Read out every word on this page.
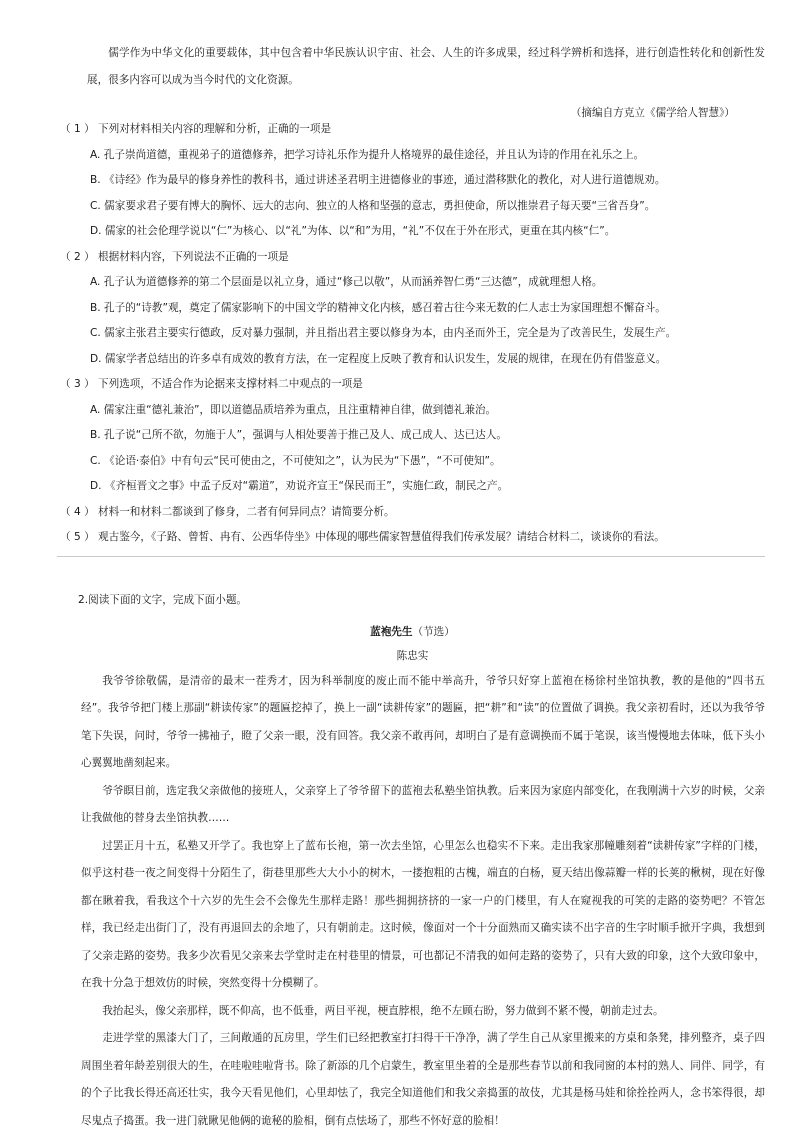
儒学作为中华文化的重要载体，其中包含着中华民族认识宇宙、社会、人生的许多成果，经过科学辨析和选择，进行创造性转化和创新性发展，很多内容可以成为当今时代的文化资源。

（摘编自方克立《儒学给人智慧》）

（ 1 ） 下列对材料相关内容的理解和分析，正确的一项是

A. 孔子崇尚道德，重视弟子的道德修养，把学习诗礼乐作为提升人格境界的最佳途径，并且认为诗的作用在礼乐之上。

B. 《诗经》作为最早的修身养性的教科书，通过讲述圣君明主进德修业的事迹，通过潜移默化的教化，对人进行道德规劝。

C. 儒家要求君子要有博大的胸怀、远大的志向、独立的人格和坚强的意志，勇担使命，所以推崇君子每天要“三省吾身”。

D. 儒家的社会伦理学说以“仁”为核心、以“礼”为体、以“和”为用，“礼”不仅在于外在形式，更重在其内核“仁”。

（ 2 ） 根据材料内容，下列说法不正确的一项是

A. 孔子认为道德修养的第二个层面是以礼立身，通过“修己以敬”，从而涵养智仁勇“三达德”，成就理想人格。

B. 孔子的“诗教”观，奠定了儒家影响下的中国文学的精神文化内核，感召着古往今来无数的仁人志士为家国理想不懈奋斗。

C. 儒家主张君主要实行德政，反对暴力强制，并且指出君主要以修身为本，由内圣而外王，完全是为了改善民生，发展生产。

D. 儒家学者总结出的许多卓有成效的教育方法，在一定程度上反映了教育和认识发生，发展的规律，在现在仍有借鉴意义。

（ 3 ） 下列选项，不适合作为论据来支撑材料二中观点的一项是

A. 儒家注重“德礼兼治”，即以道德品质培养为重点，且注重精神自律，做到德礼兼治。

B. 孔子说“己所不欲，勿施于人”，强调与人相处要善于推己及人、成己成人、达已达人。

C. 《论语·泰伯》中有句云“民可使由之，不可使知之”，认为民为“下愚”，“不可使知”。

D. 《齐桓晋文之事》中孟子反对“霸道”，劝说齐宣王“保民而王”，实施仁政，制民之产。

（ 4 ） 材料一和材料二都谈到了修身，二者有何异同点？请简要分析。

（ 5 ） 观古鉴今，《子路、曾皙、冉有、公西华侍坐》中体现的哪些儒家智慧值得我们传承发展？请结合材料二，谈谈你的看法。

2.阅读下面的文字，完成下面小题。

蓝袍先生（节选）

陈忠实

我爷爷徐敬儒，是清帝的最末一茬秀才，因为科举制度的废止而不能中举高升，爷爷只好穿上蓝袍在杨徐村坐馆执教，教的是他的“四书五经”。我爷爷把门楼上那副“耕读传家”的题匾挖掉了，换上一副“读耕传家”的题匾，把“耕”和“读”的位置做了调换。我父亲初看时，还以为我爷爷笔下失误，问时，爷爷一拂袖子，瞪了父亲一眼，没有回答。我父亲不敢再问，却明白了是有意调换而不属于笔误，该当慢慢地去体味，低下头小心翼翼地凿刻起来。

爷爷瞑目前，选定我父亲做他的接班人，父亲穿上了爷爷留下的蓝袍去私塾坐馆执教。后来因为家庭内部变化，在我刚满十六岁的时候，父亲让我做他的替身去坐馆执教……

过罢正月十五，私塾又开学了。我也穿上了蓝布长袍，第一次去坐馆，心里怎么也稳实不下来。走出我家那幢雕刻着“读耕传家”字样的门楼，似乎这村巷一夜之间变得十分陌生了，街巷里那些大大小小的树木，一搂抱粗的古槐，端直的白杨，夏天结出像蒜瓣一样的长荚的楸树，现在好像都在瞅着我，看我这个十六岁的先生会不会像先生那样走路！那些拥拥挤挤的一家一户的门楼里，有人在窥视我的可笑的走路的姿势吧？不管怎样，我已经走出街门了，没有再退回去的余地了，只有朝前走。这时候，像面对一个十分面熟而又确实读不出字音的生字时顺手掀开字典，我想到了父亲走路的姿势。我多少次看见父亲来去学堂时走在村巷里的情景，可也都记不清我的如何走路的姿势了，只有大致的印象，这个大致印象中，在我十分急于想效仿的时候，突然变得十分模糊了。

我抬起头，像父亲那样，既不仰高，也不低垂，两目平视，梗直脖根，绝不左顾右盼，努力做到不紧不慢，朝前走过去。

走进学堂的黑漆大门了，三间敞通的瓦房里，学生们已经把教室打扫得干干净净，满了学生自己从家里搬来的方桌和条凳，排列整齐，桌子四周围坐着年龄差别很大的生，在哇啦哇啦背书。除了新添的几个启蒙生，教室里坐着的全是那些春节以前和我同窗的本村的熟人、同伴、同学，有的个子比我长得还高还壮实，我今天看见他们，心里却怯了，我完全知道他们和我父亲捣蛋的故伎，尤其是杨马娃和徐拴拴两人，念书笨得很，却尽鬼点子捣蛋。我一进门就瞅见他俩的诡秘的脸相，倒有点怯场了，那些不怀好意的脸相！
